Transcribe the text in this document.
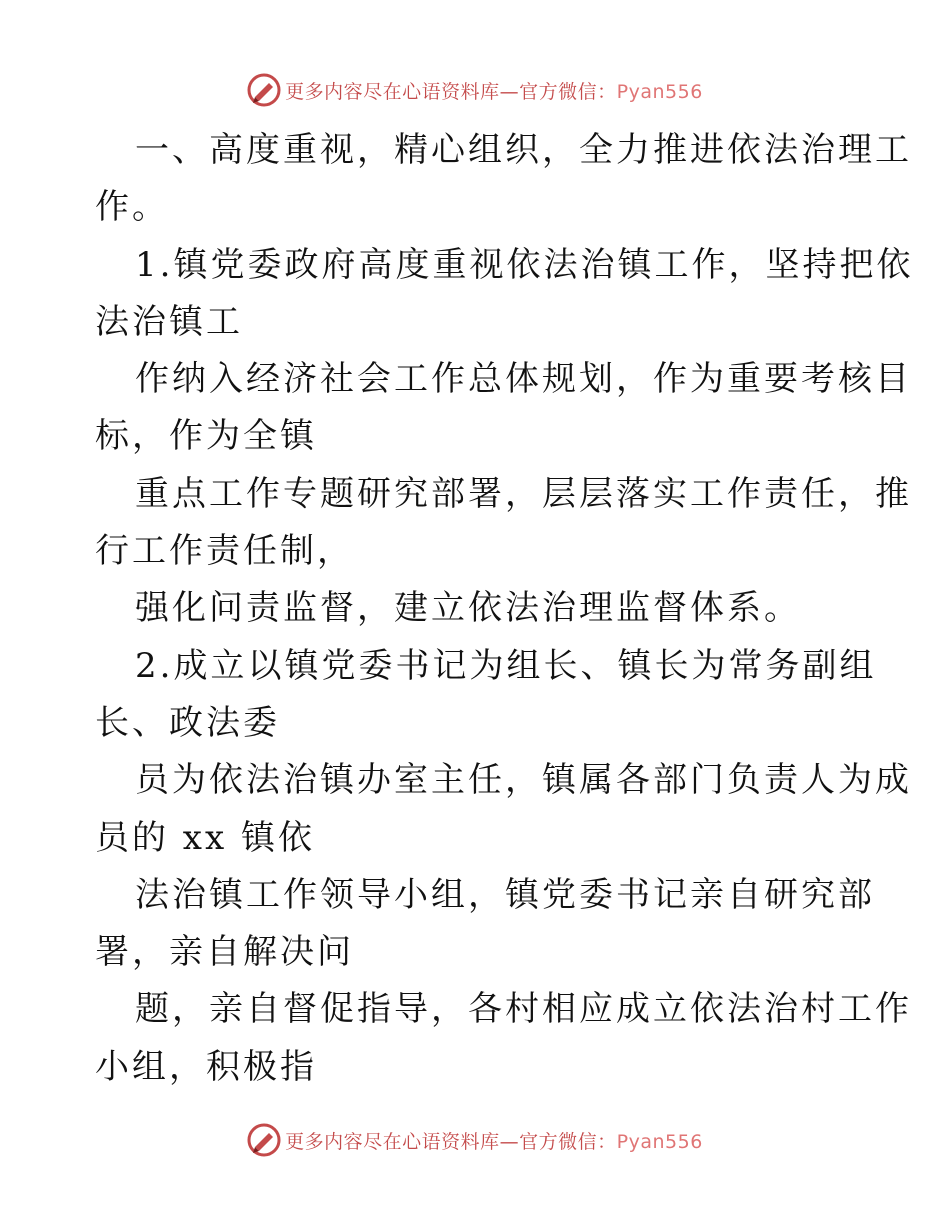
更多内容尽在心语资料库—官方微信：Pyan556
一、高度重视，精心组织，全力推进依法治理工
作。
1.镇党委政府高度重视依法治镇工作，坚持把依
法治镇工
作纳入经济社会工作总体规划，作为重要考核目
标，作为全镇
重点工作专题研究部署，层层落实工作责任，推
行工作责任制，
强化问责监督，建立依法治理监督体系。
2.成立以镇党委书记为组长、镇长为常务副组
长、政法委
员为依法治镇办室主任，镇属各部门负责人为成
员的 xx 镇依
法治镇工作领导小组，镇党委书记亲自研究部
署，亲自解决问
题，亲自督促指导，各村相应成立依法治村工作
小组，积极指
更多内容尽在心语资料库—官方微信：Pyan556
